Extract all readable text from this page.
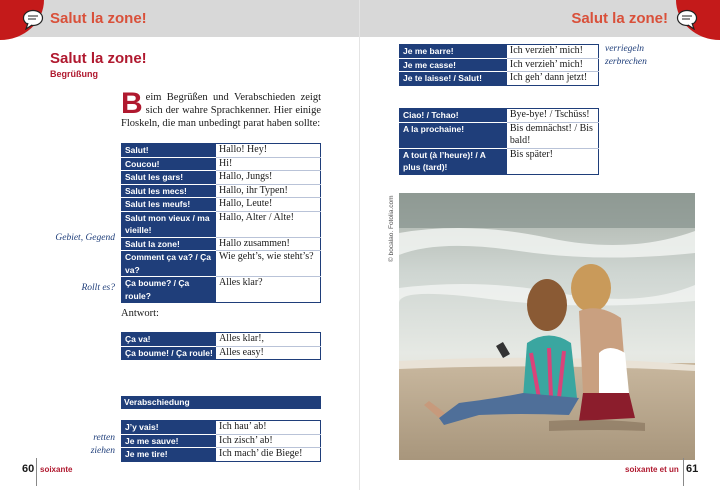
Salut la zone!
Salut la zone!
Begrüßung
Beim Begrüßen und Verabschieden zeigt sich der wahre Sprachkenner. Hier einige Floskeln, die man unbedingt parat haben sollte:
Salut!	Hallo! Hey!
Coucou!	Hi!
Salut les gars!	Hallo, Jungs!
Salut les mecs!	Hallo, ihr Typen!
Salut les meufs!	Hallo, Leute!
Salut mon vieux / ma vieille!	Hallo, Alter / Alte!
Salut la zone!	Hallo zusammen!
Comment ça va? / Ça va?	Wie geht’s, wie steht’s?
Ça boume? / Ça roule?	Alles klar?
Gebiet, Gegend
Rollt es?
Antwort:
Ça va!	Alles klar!,
Ça boume! / Ça roule!	Alles easy!
Verabschiedung
J’y vais!	Ich hau’ ab!
Je me sauve!	Ich zisch’ ab!
Je me tire!	Ich mach’ die Biege!
retten
ziehen
60 soixante
Salut la zone!
Je me barre!	Ich verzieh’ mich!
Je me casse!	Ich verzieh’ mich!
Je te laisse! / Salut!	Ich geh’ dann jetzt!
verriegeln
zerbrechen
Ciao! / Tchao!	Bye-bye! / Tschüss!
A la prochaine!	Bis demnächst! / Bis bald!
A tout (à l’heure)! / A plus (tard)!	Bis später!
© bocalao. Fotolia.com
soixante et un 61
